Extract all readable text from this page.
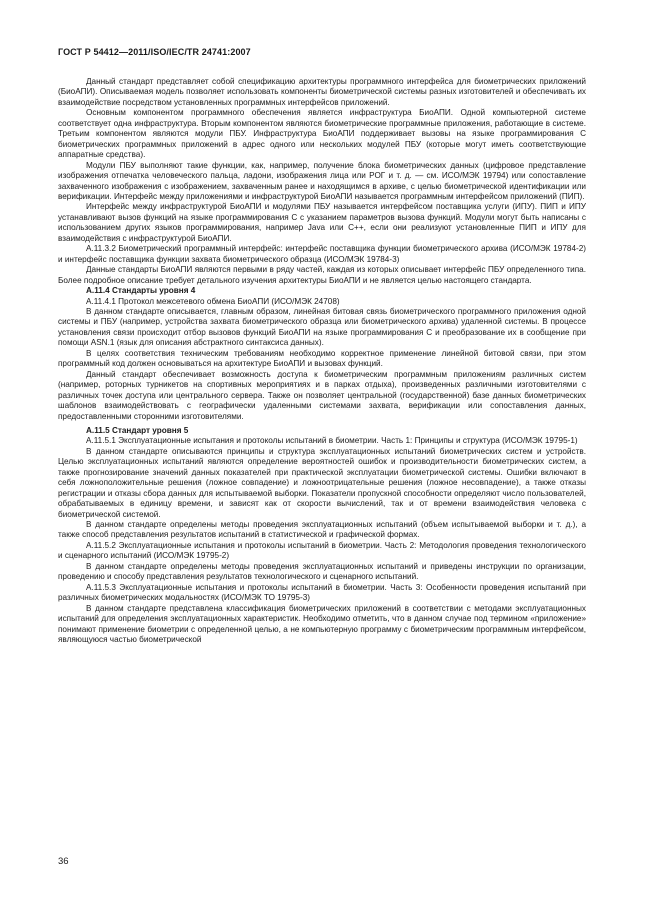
ГОСТ Р 54412—2011/ISO/IEC/TR 24741:2007

Данный стандарт представляет собой спецификацию архитектуры программного интерфейса для биометрических приложений (БиоАПИ). Описываемая модель позволяет использовать компоненты биометрической системы разных изготовителей и обеспечивать их взаимодействие посредством установленных программных интерфейсов приложений.

Основным компонентом программного обеспечения является инфраструктура БиоАПИ. Одной компьютерной системе соответствует одна инфраструктура. Вторым компонентом являются биометрические программные приложения, работающие в системе. Третьим компонентом являются модули ПБУ. Инфраструктура БиоАПИ поддерживает вызовы на языке программирования С биометрических программных приложений в адрес одного или нескольких модулей ПБУ (которые могут иметь соответствующие аппаратные средства).

Модули ПБУ выполняют такие функции, как, например, получение блока биометрических данных (цифровое представление изображения отпечатка человеческого пальца, ладони, изображения лица или РОГ и т. д. — см. ИСО/МЭК 19794) или сопоставление захваченного изображения с изображением, захваченным ранее и находящимся в архиве, с целью биометрической идентификации или верификации. Интерфейс между приложениями и инфраструктурой БиоАПИ называется программным интерфейсом приложений (ПИП).

Интерфейс между инфраструктурой БиоАПИ и модулями ПБУ называется интерфейсом поставщика услуги (ИПУ). ПИП и ИПУ устанавливают вызов функций на языке программирования С с указанием параметров вызова функций. Модули могут быть написаны с использованием других языков программирования, например Java или С++, если они реализуют установленные ПИП и ИПУ для взаимодействия с инфраструктурой БиоАПИ.

А.11.3.2 Биометрический программный интерфейс: интерфейс поставщика функции биометрического архива (ИСО/МЭК 19784-2) и интерфейс поставщика функции захвата биометрического образца (ИСО/МЭК 19784-3)

Данные стандарты БиоАПИ являются первыми в ряду частей, каждая из которых описывает интерфейс ПБУ определенного типа. Более подробное описание требует детального изучения архитектуры БиоАПИ и не является целью настоящего стандарта.

А.11.4 Стандарты уровня 4

А.11.4.1 Протокол межсетевого обмена БиоАПИ (ИСО/МЭК 24708)

В данном стандарте описывается, главным образом, линейная битовая связь биометрического программного приложения одной системы и ПБУ (например, устройства захвата биометрического образца или биометрического архива) удаленной системы. В процессе установления связи происходит отбор вызовов функций БиоАПИ на языке программирования С и преобразование их в сообщение при помощи ASN.1 (язык для описания абстрактного синтаксиса данных).

В целях соответствия техническим требованиям необходимо корректное применение линейной битовой связи, при этом программный код должен основываться на архитектуре БиоАПИ и вызовах функций.

Данный стандарт обеспечивает возможность доступа к биометрическим программным приложениям различных систем (например, роторных турникетов на спортивных мероприятиях и в парках отдыха), произведенных различными изготовителями с различных точек доступа или центрального сервера. Также он позволяет центральной (государственной) базе данных биометрических шаблонов взаимодействовать с географически удаленными системами захвата, верификации или сопоставления данных, предоставленными сторонними изготовителями.

А.11.5 Стандарт уровня 5

А.11.5.1 Эксплуатационные испытания и протоколы испытаний в биометрии. Часть 1: Принципы и структура (ИСО/МЭК 19795-1)

В данном стандарте описываются принципы и структура эксплуатационных испытаний биометрических систем и устройств. Целью эксплуатационных испытаний являются определение вероятностей ошибок и производительности биометрических систем, а также прогнозирование значений данных показателей при практической эксплуатации биометрической системы. Ошибки включают в себя ложноположительные решения (ложное совпадение) и ложноотрицательные решения (ложное несовпадение), а также отказы регистрации и отказы сбора данных для испытываемой выборки. Показатели пропускной способности определяют число пользователей, обрабатываемых в единицу времени, и зависят как от скорости вычислений, так и от времени взаимодействия человека с биометрической системой.

В данном стандарте определены методы проведения эксплуатационных испытаний (объем испытываемой выборки и т. д.), а также способ представления результатов испытаний в статистической и графической формах.

А.11.5.2 Эксплуатационные испытания и протоколы испытаний в биометрии. Часть 2: Методология проведения технологического и сценарного испытаний (ИСО/МЭК 19795-2)

В данном стандарте определены методы проведения эксплуатационных испытаний и приведены инструкции по организации, проведению и способу представления результатов технологического и сценарного испытаний.

А.11.5.3 Эксплуатационные испытания и протоколы испытаний в биометрии. Часть 3: Особенности проведения испытаний при различных биометрических модальностях (ИСО/МЭК ТО 19795-3)

В данном стандарте представлена классификация биометрических приложений в соответствии с методами эксплуатационных испытаний для определения эксплуатационных характеристик. Необходимо отметить, что в данном случае под термином «приложение» понимают применение биометрии с определенной целью, а не компьютерную программу с биометрическим программным интерфейсом, являющуюся частью биометрической

36
